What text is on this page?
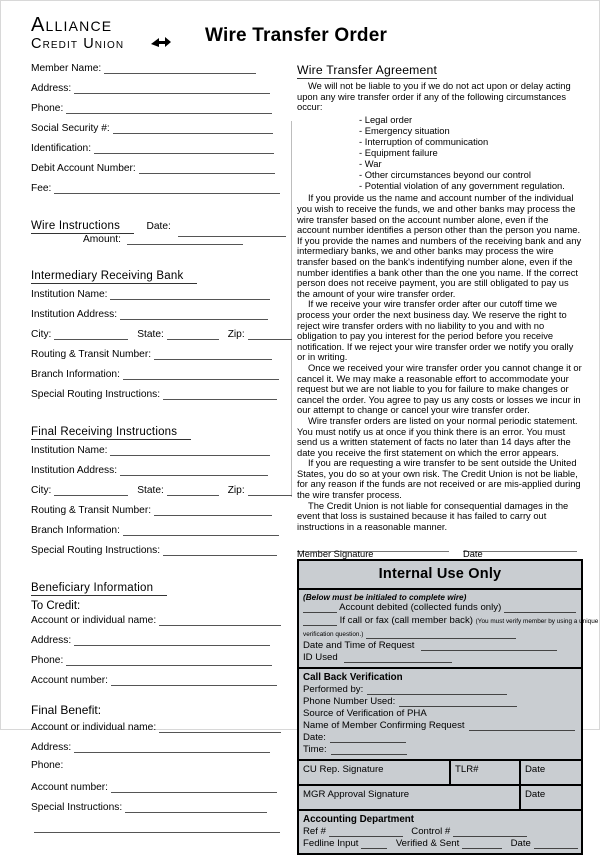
Alliance
Credit Union	Wire Transfer Order
Member Name:
Address:
Phone:
Social Security #:
Identification:
Debit Account Number:
Fee:
Wire Instructions	Date:
Amount:
Intermediary Receiving Bank
Institution Name:
Institution Address:
City:	State:	Zip:
Routing & Transit Number:
Branch Information:
Special Routing Instructions:
Final Receiving Instructions
Institution Name:
Institution Address:
City:	State:	Zip:
Routing & Transit Number:
Branch Information:
Special Routing Instructions:
Beneficiary Information
To Credit:
Account or individual name:
Address:
Phone:
Account number:
Final Benefit:
Account or individual name:
Address:
Phone:
Account number:
Special Instructions:
Wire Transfer Agreement

We will not be liable to you if we do not act upon or delay acting upon any wire transfer order if any of the following circumstances occur:

- Legal order
- Emergency situation
- Interruption of communication
- Equipment failure
- War
- Other circumstances beyond our control
- Potential violation of any government regulation.

If you provide us the name and account number of the individual you wish to receive the funds, we and other banks may process the wire transfer based on the account number alone, even if the account number identifies a person other than the person you name. If you provide the names and numbers of the receiving bank and any intermediary banks, we and other banks may process the wire transfer based on the bank's indentifying number alone, even if the number identifies a bank other than the one you name. If the correct person does not receive payment, you are still obligated to pay us the amount of your wire transfer order.

If we receive your wire transfer order after our cutoff time we process your order the next business day. We reserve the right to reject wire transfer orders with no liability to you and with no obligation to pay you interest for the period before you receive notification. If we reject your wire transfer order we notify you orally or in writing.

Once we received your wire transfer order you cannot change it or cancel it. We may make a reasonable effort to accommodate your request but we are not liable to you for failure to make changes or cancel the order. You agree to pay us any costs or losses we incur in our attempt to change or cancel your wire transfer order.

Wire transfer orders are listed on your normal periodic statement. You must notify us at once if you think there is an error. You must send us a written statement of facts no later than 14 days after the date you receive the first statement on which the error appears.

If you are requesting a wire transfer to be sent outside the United States, you do so at your own risk. The Credit Union is not be liable, for any reason if the funds are not received or are mis-applied during the wire transfer process.

The Credit Union is not liable for consequential damages in the event that loss is sustained because it has failed to carry out instructions in a reasonable manner.

Member Signature	Date
Internal Use Only
(Below must be initialed to complete wire)
Account debited (collected funds only)
If call or fax (call member back) (You must verify member by using a unique
verification question.)
Date and Time of Request
ID Used
Call Back Verification
Performed by:
Phone Number Used:
Source of Verification of PHA
Name of Member Confirming Request
Date:
Time:
CU Rep. Signature	TLR#	Date
MGR Approval Signature	Date
Accounting Department
Ref #	Control #
Fedline Input	Verified & Sent	Date
